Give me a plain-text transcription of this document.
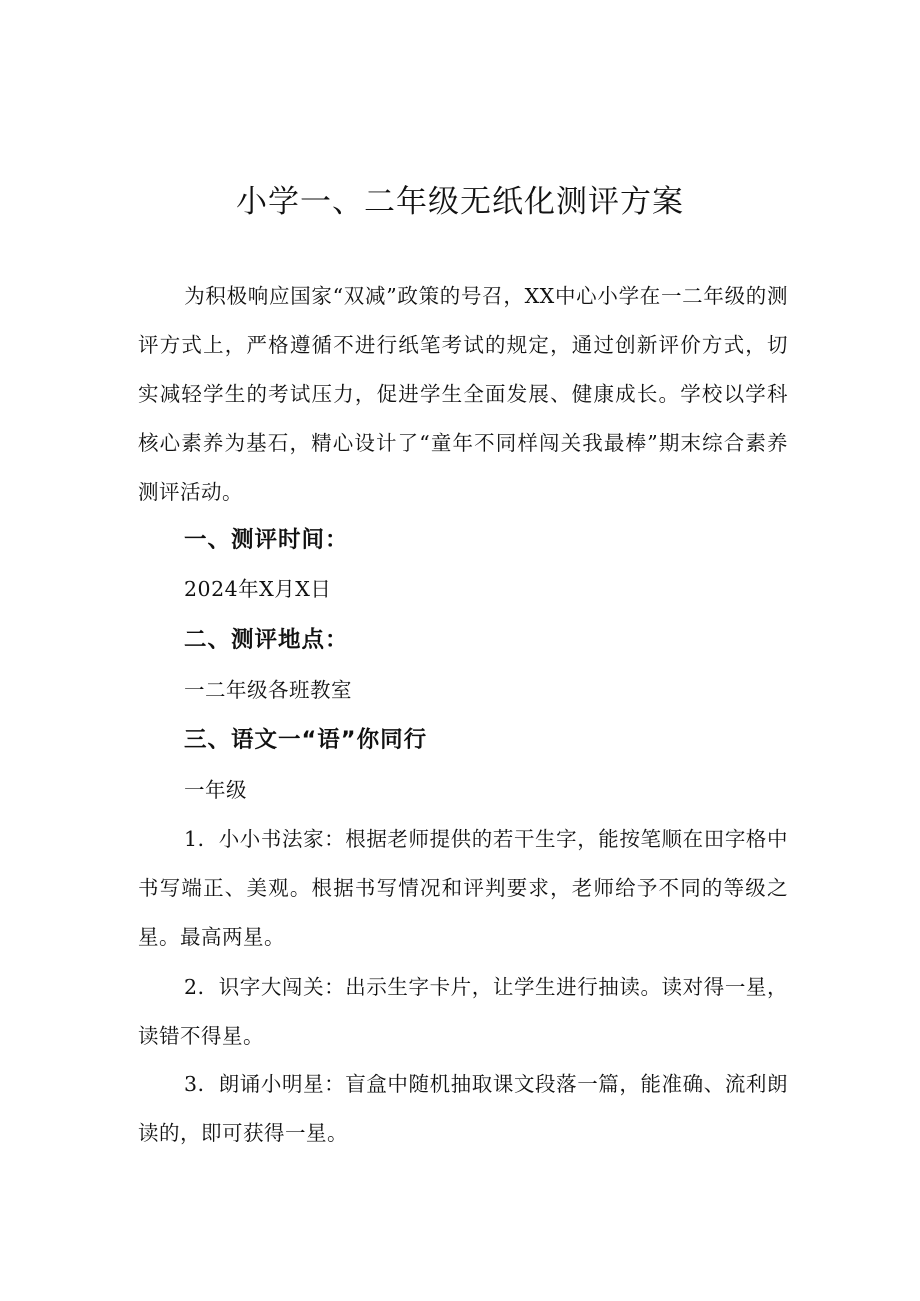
小学一、二年级无纸化测评方案

为积极响应国家“双减”政策的号召，XX中心小学在一二年级的测评方式上，严格遵循不进行纸笔考试的规定，通过创新评价方式，切实减轻学生的考试压力，促进学生全面发展、健康成长。学校以学科核心素养为基石，精心设计了“童年不同样闯关我最棒”期末综合素养测评活动。

一、测评时间：

2024年X月X日

二、测评地点：

一二年级各班教室

三、语文一“语”你同行

一年级

1．小小书法家：根据老师提供的若干生字，能按笔顺在田字格中书写端正、美观。根据书写情况和评判要求，老师给予不同的等级之星。最高两星。

2．识字大闯关：出示生字卡片，让学生进行抽读。读对得一星，读错不得星。

3．朗诵小明星：盲盒中随机抽取课文段落一篇，能准确、流利朗读的，即可获得一星。
